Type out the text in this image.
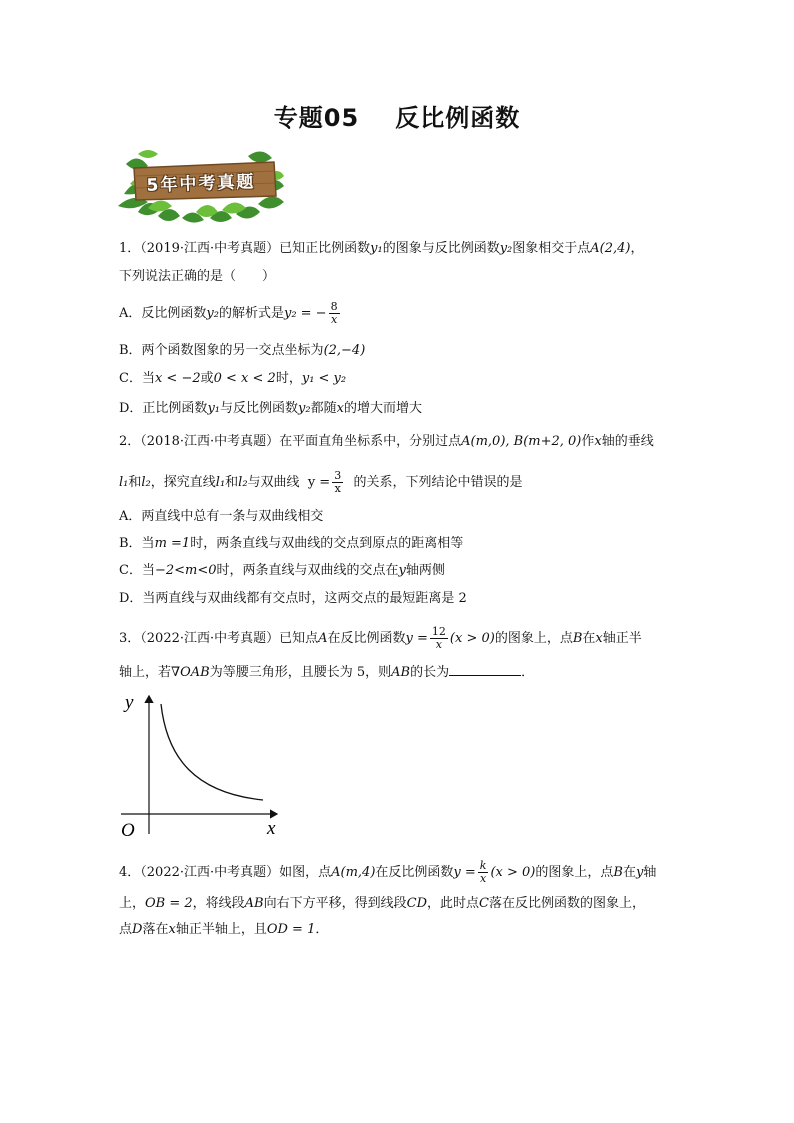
专题05 反比例函数
5年中考真题
1．（2019·江西·中考真题）已知正比例函数y₁的图象与反比例函数y₂图象相交于点A(2,4)，
下列说法正确的是（　　）
A．反比例函数y₂的解析式是y₂ = − $\frac{8}{x}$
B．两个函数图象的另一交点坐标为(2,−4)
C．当x < −2或0 < x < 2时，y₁ < y₂
D．正比例函数y₁与反比例函数y₂都随x的增大而增大
2．（2018·江西·中考真题）在平面直角坐标系中，分别过点A(m,0), B(m+2, 0)作x轴的垂线
l₁和l₂，探究直线l₁和l₂与双曲线 $y = \frac{3}{x}$ 的关系，下列结论中错误的是
A．两直线中总有一条与双曲线相交
B．当m =1时，两条直线与双曲线的交点到原点的距离相等
C．当−2<m<0时，两条直线与双曲线的交点在y轴两侧
D．当两直线与双曲线都有交点时，这两交点的最短距离是 2
3．（2022·江西·中考真题）已知点A在反比例函数$y = \frac{12}{x} (x > 0)$的图象上，点B在x轴正半
轴上，若∇OAB为等腰三角形，且腰长为 5，则AB的长为	．
y
x
O
4．（2022·江西·中考真题）如图，点A(m,4)在反比例函数$y = \frac{k}{x} (x > 0)$的图象上，点B在y轴
上，OB = 2，将线段AB向右下方平移，得到线段CD，此时点C落在反比例函数的图象上，
点D落在x轴正半轴上，且OD = 1．
